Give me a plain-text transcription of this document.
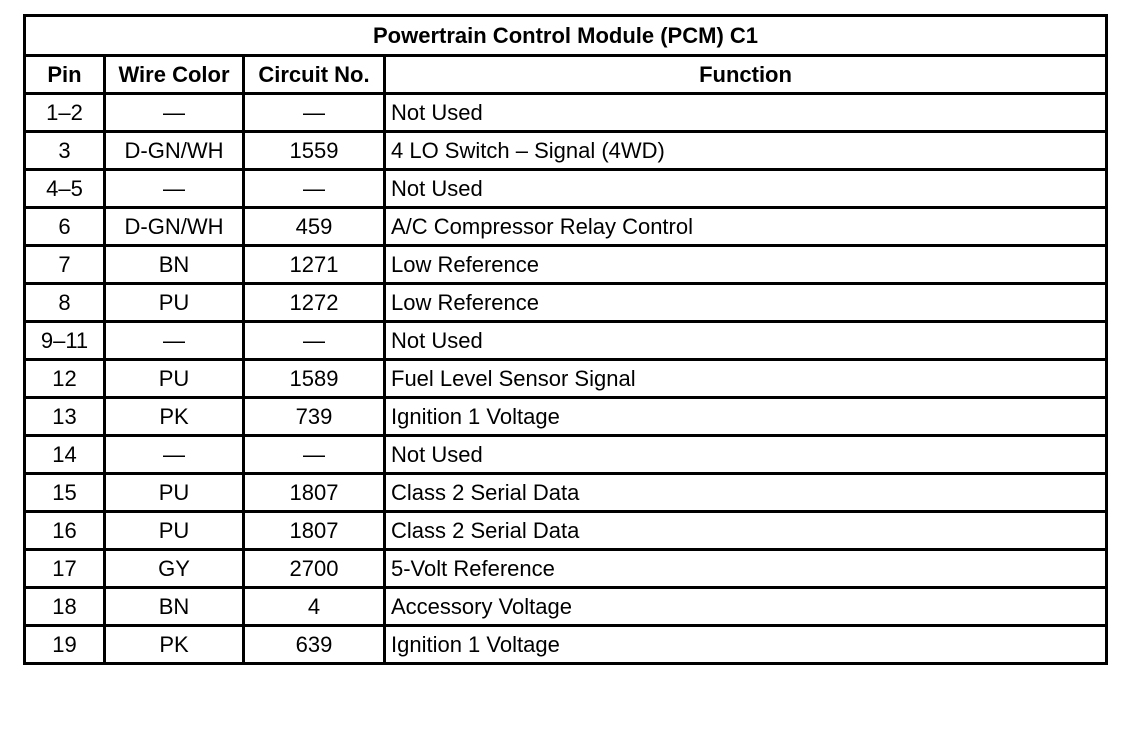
Powertrain Control Module (PCM) C1			
Pin	Wire Color	Circuit No.	Function
1–2	—	—	Not Used
3	D-GN/WH	1559	4 LO Switch – Signal (4WD)
4–5	—	—	Not Used
6	D-GN/WH	459	A/C Compressor Relay Control
7	BN	1271	Low Reference
8	PU	1272	Low Reference
9–11	—	—	Not Used
12	PU	1589	Fuel Level Sensor Signal
13	PK	739	Ignition 1 Voltage
14	—	—	Not Used
15	PU	1807	Class 2 Serial Data
16	PU	1807	Class 2 Serial Data
17	GY	2700	5-Volt Reference
18	BN	4	Accessory Voltage
19	PK	639	Ignition 1 Voltage
